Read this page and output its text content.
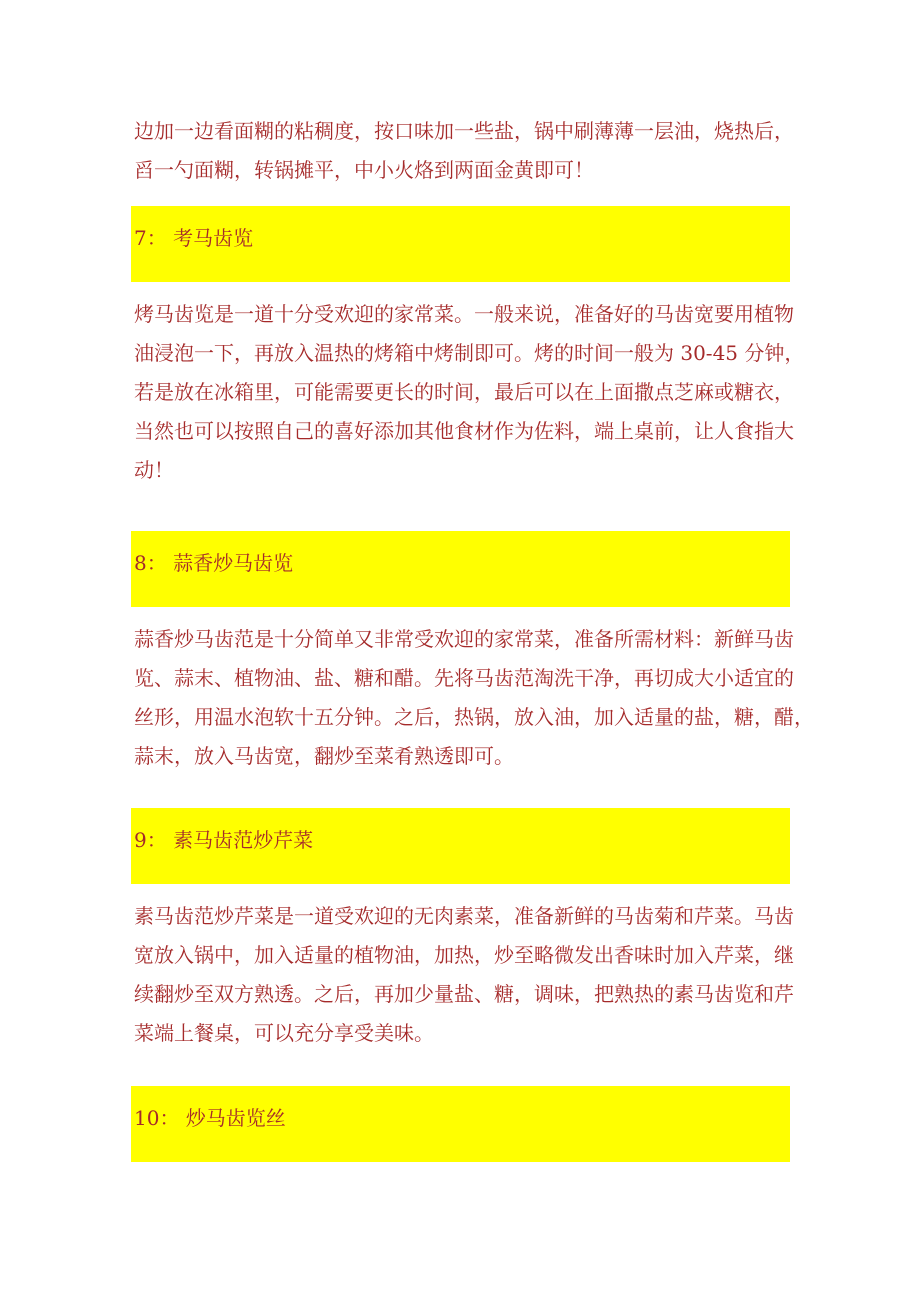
边加一边看面糊的粘稠度，按口味加一些盐，锅中刷薄薄一层油，烧热后，
舀一勺面糊，转锅摊平，中小火烙到两面金黄即可！

7： 考马齿览

烤马齿览是一道十分受欢迎的家常菜。一般来说，准备好的马齿宽要用植物
油浸泡一下，再放入温热的烤箱中烤制即可。烤的时间一般为 30-45 分钟，
若是放在冰箱里，可能需要更长的时间，最后可以在上面撒点芝麻或糖衣，
当然也可以按照自己的喜好添加其他食材作为佐料，端上桌前，让人食指大
动！

8： 蒜香炒马齿览

蒜香炒马齿范是十分简单又非常受欢迎的家常菜，准备所需材料：新鲜马齿
览、蒜末、植物油、盐、糖和醋。先将马齿范淘洗干净，再切成大小适宜的
丝形，用温水泡软十五分钟。之后，热锅，放入油，加入适量的盐，糖，醋，
蒜末，放入马齿宽，翻炒至菜肴熟透即可。

9： 素马齿范炒芹菜

素马齿范炒芹菜是一道受欢迎的无肉素菜，准备新鲜的马齿菊和芹菜。马齿
宽放入锅中，加入适量的植物油，加热，炒至略微发出香味时加入芹菜，继
续翻炒至双方熟透。之后，再加少量盐、糖，调味，把熟热的素马齿览和芹
菜端上餐桌，可以充分享受美味。

10： 炒马齿览丝
